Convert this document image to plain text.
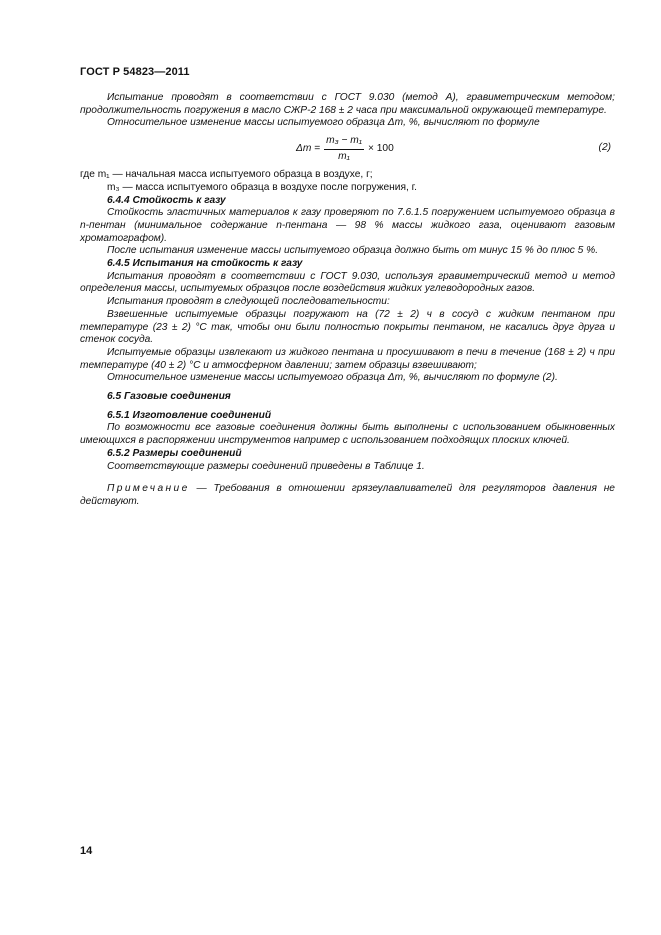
ГОСТ Р 54823—2011

Испытание проводят в соответствии с ГОСТ 9.030 (метод А), гравиметрическим методом; продолжительность погружения в масло СЖР-2 168 ± 2 часа при максимальной окружающей температуре.

Относительное изменение массы испытуемого образца Δm, %, вычисляют по формуле

$\Delta m = \frac{\text{m₃ − m₁}}{\text{m₁}} \times 100$	(2)

где m₁ — начальная масса испытуемого образца в воздухе, г;

m₃ — масса испытуемого образца в воздухе после погружения, г.

6.4.4 Стойкость к газу

Стойкость эластичных материалов к газу проверяют по 7.6.1.5 погружением испытуемого образца в n-пентан (минимальное содержание n-пентана — 98 % массы жидкого газа, оценивают газовым хроматографом).

После испытания изменение массы испытуемого образца должно быть от минус 15 % до плюс 5 %.

6.4.5 Испытания на стойкость к газу

Испытания проводят в соответствии с ГОСТ 9.030, используя гравиметрический метод и метод определения массы, испытуемых образцов после воздействия жидких углеводородных газов.

Испытания проводят в следующей последовательности:

Взвешенные испытуемые образцы погружают на (72 ± 2) ч в сосуд с жидким пентаном при температуре (23 ± 2) °С так, чтобы они были полностью покрыты пентаном, не касались друг друга и стенок сосуда.

Испытуемые образцы извлекают из жидкого пентана и просушивают в печи в течение (168 ± 2) ч при температуре (40 ± 2) °С и атмосферном давлении; затем образцы взвешивают;

Относительное изменение массы испытуемого образца Δm, %, вычисляют по формуле (2).

6.5 Газовые соединения

6.5.1 Изготовление соединений

По возможности все газовые соединения должны быть выполнены с использованием обыкновенных имеющихся в распоряжении инструментов например с использованием подходящих плоских ключей.

6.5.2 Размеры соединений

Соответствующие размеры соединений приведены в Таблице 1.

Примечание — Требования в отношении грязеулавливателей для регуляторов давления не действуют.

14
